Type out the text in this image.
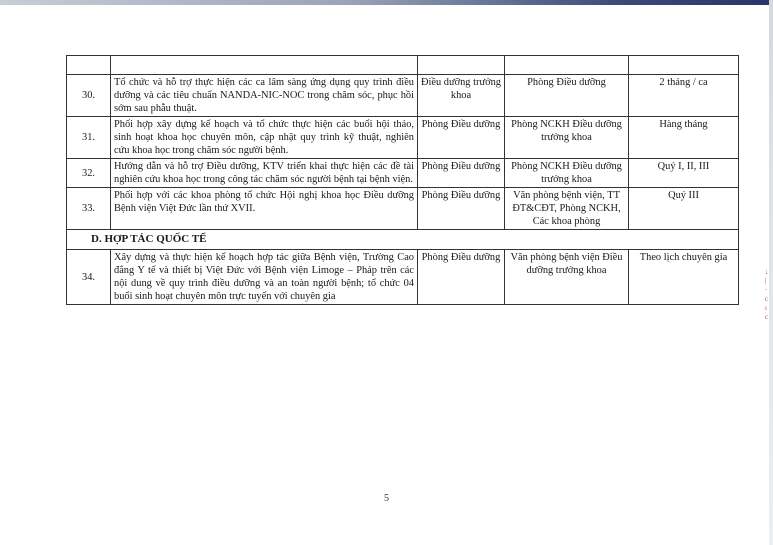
↓
|
·
c
ι
c

30.	Tổ chức và hỗ trợ thực hiện các ca lâm sàng ứng dụng quy trình điều dưỡng và các tiêu chuẩn NANDA-NIC-NOC trong chăm sóc, phục hồi sớm sau phẫu thuật.	Điều dưỡng trưởng khoa	Phòng Điều dưỡng	2 tháng / ca
31.	Phối hợp xây dựng kế hoạch và tổ chức thực hiện các buổi hội thảo, sinh hoạt khoa học chuyên môn, cập nhật quy trình kỹ thuật, nghiên cứu khoa học trong chăm sóc người bệnh.	Phòng Điều dưỡng	Phòng NCKH Điều dưỡng trưởng khoa	Hàng tháng
32.	Hướng dẫn và hỗ trợ Điều dưỡng, KTV triển khai thực hiện các đề tài nghiên cứu khoa học trong công tác chăm sóc người bệnh tại bệnh viện.	Phòng Điều dưỡng	Phòng NCKH Điều dưỡng trưởng khoa	Quý I, II, III
33.	Phối hợp với các khoa phòng tổ chức Hội nghị khoa học Điều dưỡng Bệnh viện Việt Đức lần thứ XVII.	Phòng Điều dưỡng	Văn phòng bệnh viện, TT ĐT&CĐT, Phòng NCKH, Các khoa phòng	Quý III
D. HỢP TÁC QUỐC TẾ				
34.	Xây dựng và thực hiện kế hoạch hợp tác giữa Bệnh viện, Trường Cao đẳng Y tế và thiết bị Việt Đức với Bệnh viện Limoge – Pháp trên các nội dung về quy trình điều dưỡng và an toàn người bệnh; tổ chức 04 buổi sinh hoạt chuyên môn trực tuyến với chuyên gia	Phòng Điều dưỡng	Văn phòng bệnh viện Điều dưỡng trưởng khoa	Theo lịch chuyên gia
5
